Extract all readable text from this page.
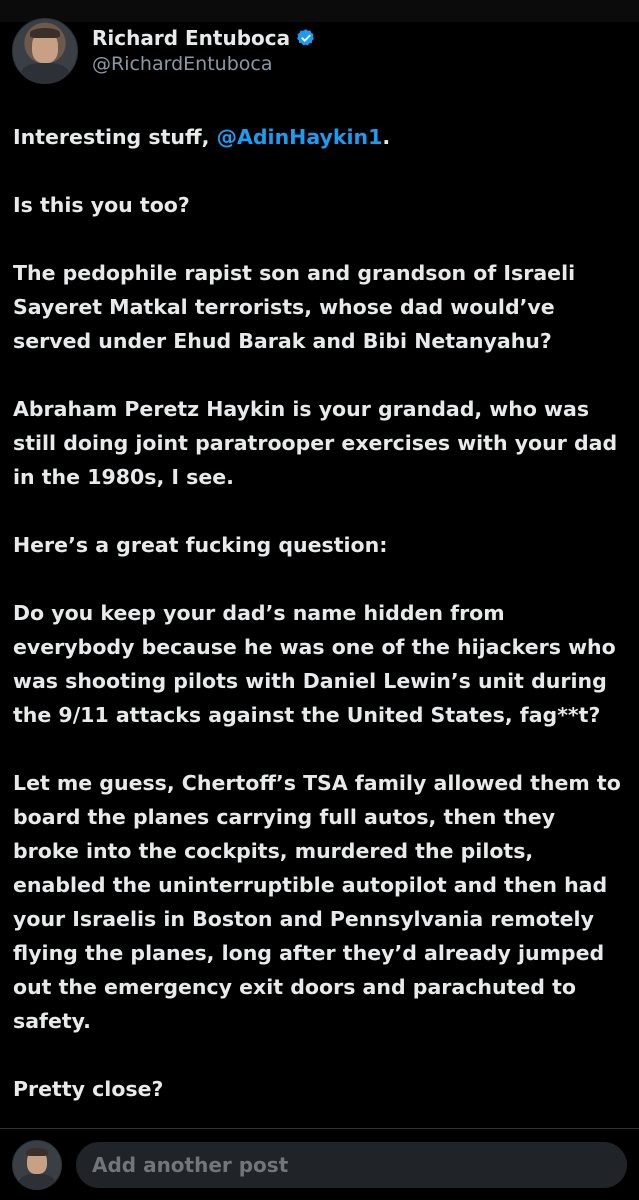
Richard Entuboca
@RichardEntuboca

Interesting stuff, @AdinHaykin1.

Is this you too?

The pedophile rapist son and grandson of Israeli Sayeret Matkal terrorists, whose dad would’ve served under Ehud Barak and Bibi Netanyahu?

Abraham Peretz Haykin is your grandad, who was still doing joint paratrooper exercises with your dad in the 1980s, I see.

Here’s a great fucking question:

Do you keep your dad’s name hidden from everybody because he was one of the hijackers who was shooting pilots with Daniel Lewin’s unit during the 9/11 attacks against the United States, fag**t?

Let me guess, Chertoff’s TSA family allowed them to board the planes carrying full autos, then they broke into the cockpits, murdered the pilots, enabled the uninterruptible autopilot and then had your Israelis in Boston and Pennsylvania remotely flying the planes, long after they’d already jumped out the emergency exit doors and parachuted to safety.

Pretty close?

Add another post
